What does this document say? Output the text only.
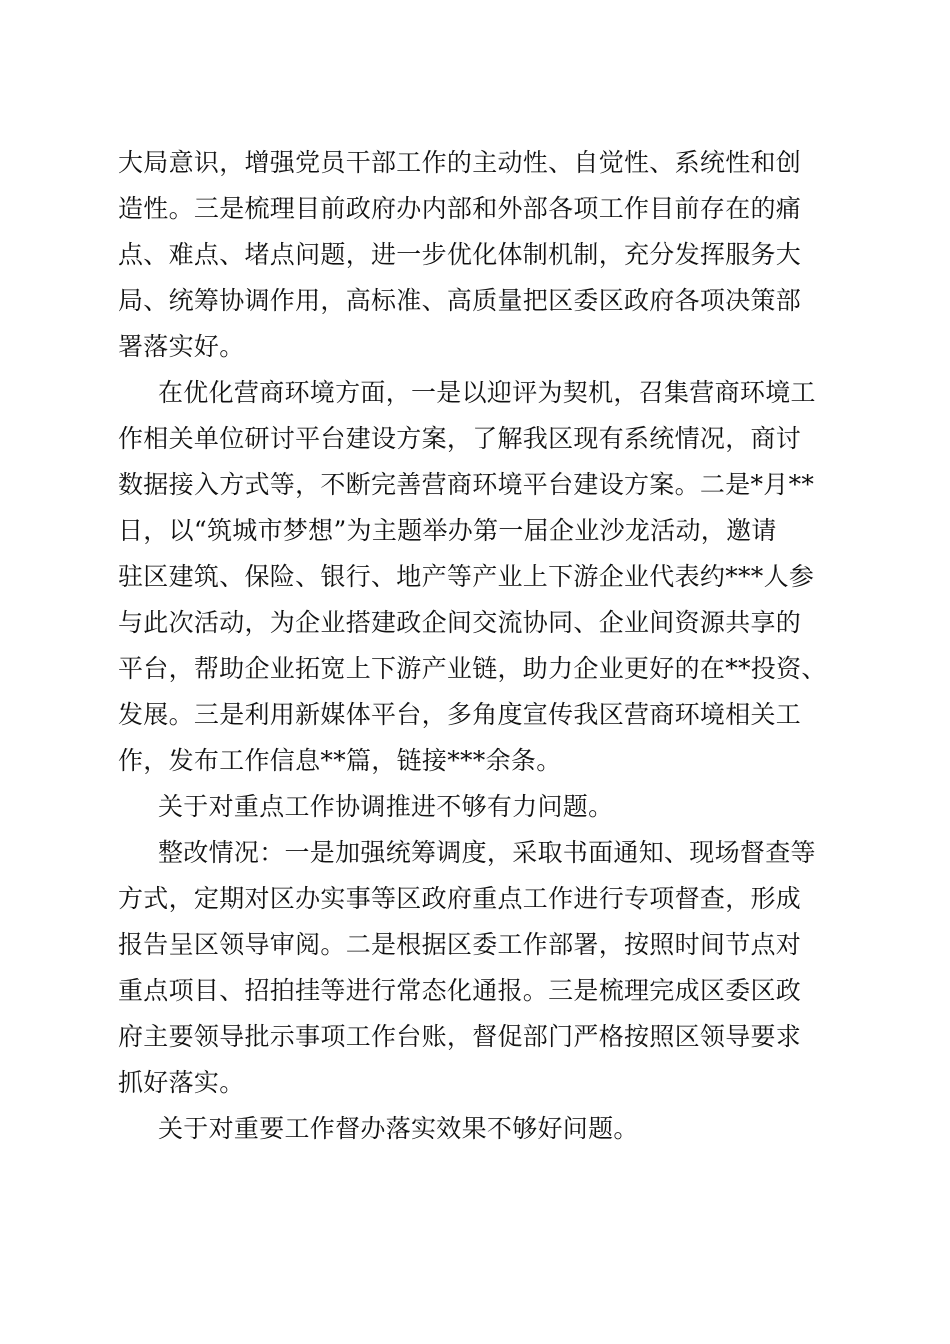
大局意识，增强党员干部工作的主动性、自觉性、系统性和创
造性。三是梳理目前政府办内部和外部各项工作目前存在的痛
点、难点、堵点问题，进一步优化体制机制，充分发挥服务大
局、统筹协调作用，高标准、高质量把区委区政府各项决策部
署落实好。
在优化营商环境方面，一是以迎评为契机，召集营商环境工
作相关单位研讨平台建设方案，了解我区现有系统情况，商讨
数据接入方式等，不断完善营商环境平台建设方案。二是*月**
日，以“筑城市梦想”为主题举办第一届企业沙龙活动，邀请
驻区建筑、保险、银行、地产等产业上下游企业代表约***人参
与此次活动，为企业搭建政企间交流协同、企业间资源共享的
平台，帮助企业拓宽上下游产业链，助力企业更好的在**投资、
发展。三是利用新媒体平台，多角度宣传我区营商环境相关工
作，发布工作信息**篇，链接***余条。
关于对重点工作协调推进不够有力问题。
整改情况：一是加强统筹调度，采取书面通知、现场督查等
方式，定期对区办实事等区政府重点工作进行专项督查，形成
报告呈区领导审阅。二是根据区委工作部署，按照时间节点对
重点项目、招拍挂等进行常态化通报。三是梳理完成区委区政
府主要领导批示事项工作台账，督促部门严格按照区领导要求
抓好落实。
关于对重要工作督办落实效果不够好问题。
